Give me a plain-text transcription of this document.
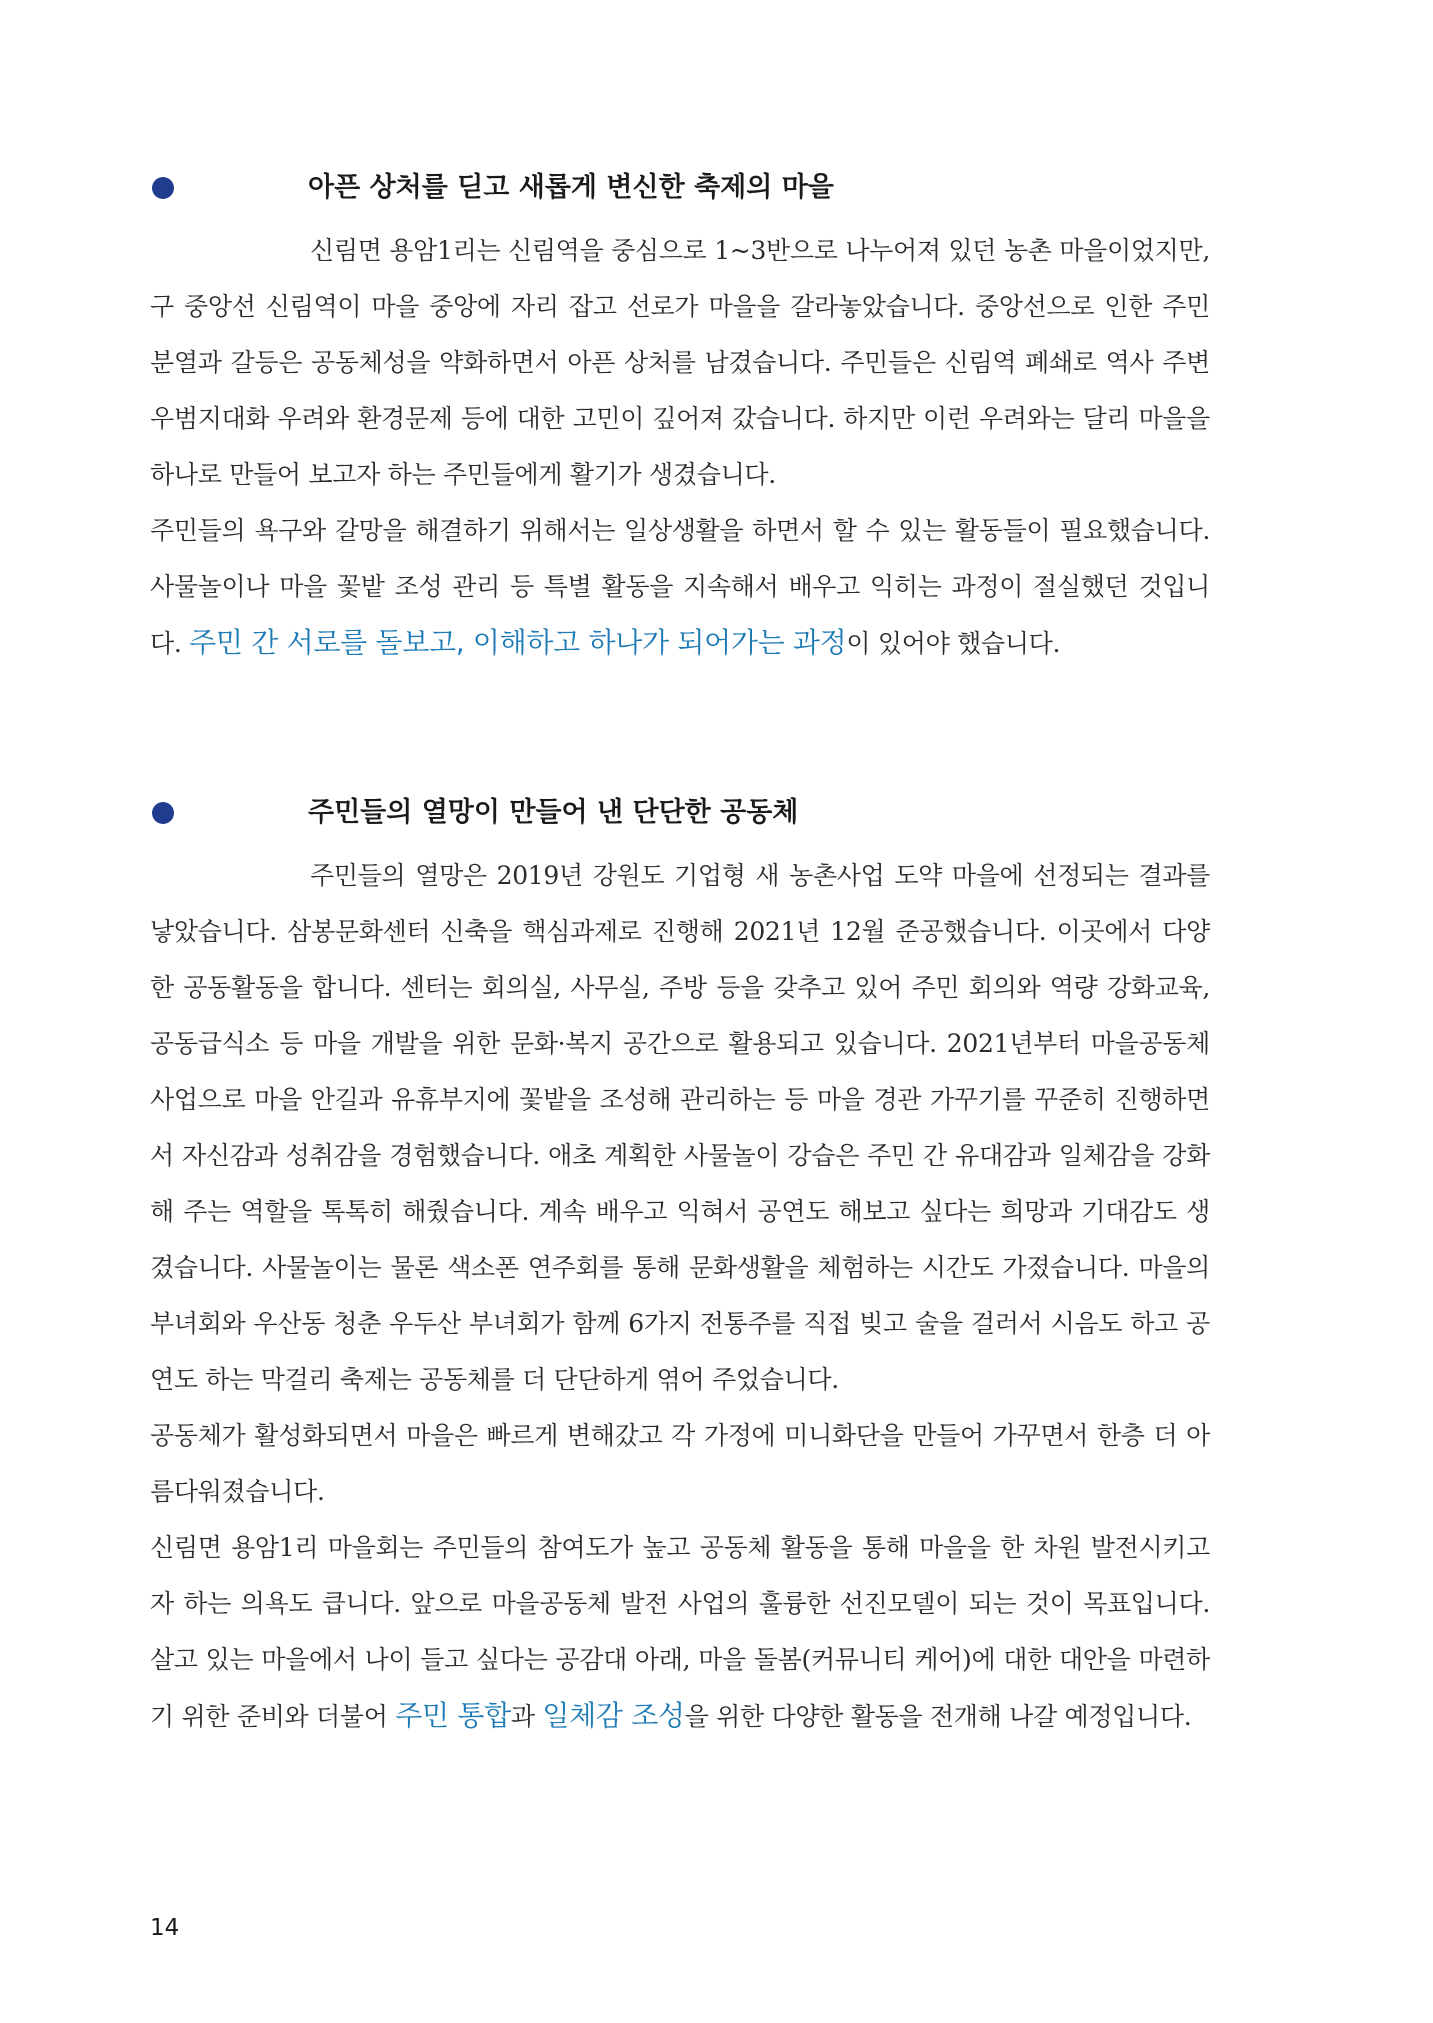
아픈 상처를 딛고 새롭게 변신한 축제의 마을

신림면 용암1리는 신림역을 중심으로 1~3반으로 나누어져 있던 농촌 마을이었지만, 구 중앙선 신림역이 마을 중앙에 자리 잡고 선로가 마을을 갈라놓았습니다. 중앙선으로 인한 주민 분열과 갈등은 공동체성을 약화하면서 아픈 상처를 남겼습니다. 주민들은 신림역 폐쇄로 역사 주변 우범지대화 우려와 환경문제 등에 대한 고민이 깊어져 갔습니다. 하지만 이런 우려와는 달리 마을을 하나로 만들어 보고자 하는 주민들에게 활기가 생겼습니다.

주민들의 욕구와 갈망을 해결하기 위해서는 일상생활을 하면서 할 수 있는 활동들이 필요했습니다. 사물놀이나 마을 꽃밭 조성 관리 등 특별 활동을 지속해서 배우고 익히는 과정이 절실했던 것입니다. 주민 간 서로를 돌보고, 이해하고 하나가 되어가는 과정이 있어야 했습니다.

주민들의 열망이 만들어 낸 단단한 공동체

주민들의 열망은 2019년 강원도 기업형 새 농촌사업 도약 마을에 선정되는 결과를 낳았습니다. 삼봉문화센터 신축을 핵심과제로 진행해 2021년 12월 준공했습니다. 이곳에서 다양한 공동활동을 합니다. 센터는 회의실, 사무실, 주방 등을 갖추고 있어 주민 회의와 역량 강화교육, 공동급식소 등 마을 개발을 위한 문화·복지 공간으로 활용되고 있습니다. 2021년부터 마을공동체 사업으로 마을 안길과 유휴부지에 꽃밭을 조성해 관리하는 등 마을 경관 가꾸기를 꾸준히 진행하면서 자신감과 성취감을 경험했습니다. 애초 계획한 사물놀이 강습은 주민 간 유대감과 일체감을 강화해 주는 역할을 톡톡히 해줬습니다. 계속 배우고 익혀서 공연도 해보고 싶다는 희망과 기대감도 생겼습니다. 사물놀이는 물론 색소폰 연주회를 통해 문화생활을 체험하는 시간도 가졌습니다. 마을의 부녀회와 우산동 청춘 우두산 부녀회가 함께 6가지 전통주를 직접 빚고 술을 걸러서 시음도 하고 공연도 하는 막걸리 축제는 공동체를 더 단단하게 엮어 주었습니다.

공동체가 활성화되면서 마을은 빠르게 변해갔고 각 가정에 미니화단을 만들어 가꾸면서 한층 더 아름다워졌습니다.

신림면 용암1리 마을회는 주민들의 참여도가 높고 공동체 활동을 통해 마을을 한 차원 발전시키고자 하는 의욕도 큽니다. 앞으로 마을공동체 발전 사업의 훌륭한 선진모델이 되는 것이 목표입니다. 살고 있는 마을에서 나이 들고 싶다는 공감대 아래, 마을 돌봄(커뮤니티 케어)에 대한 대안을 마련하기 위한 준비와 더불어 주민 통합과 일체감 조성을 위한 다양한 활동을 전개해 나갈 예정입니다.

14
